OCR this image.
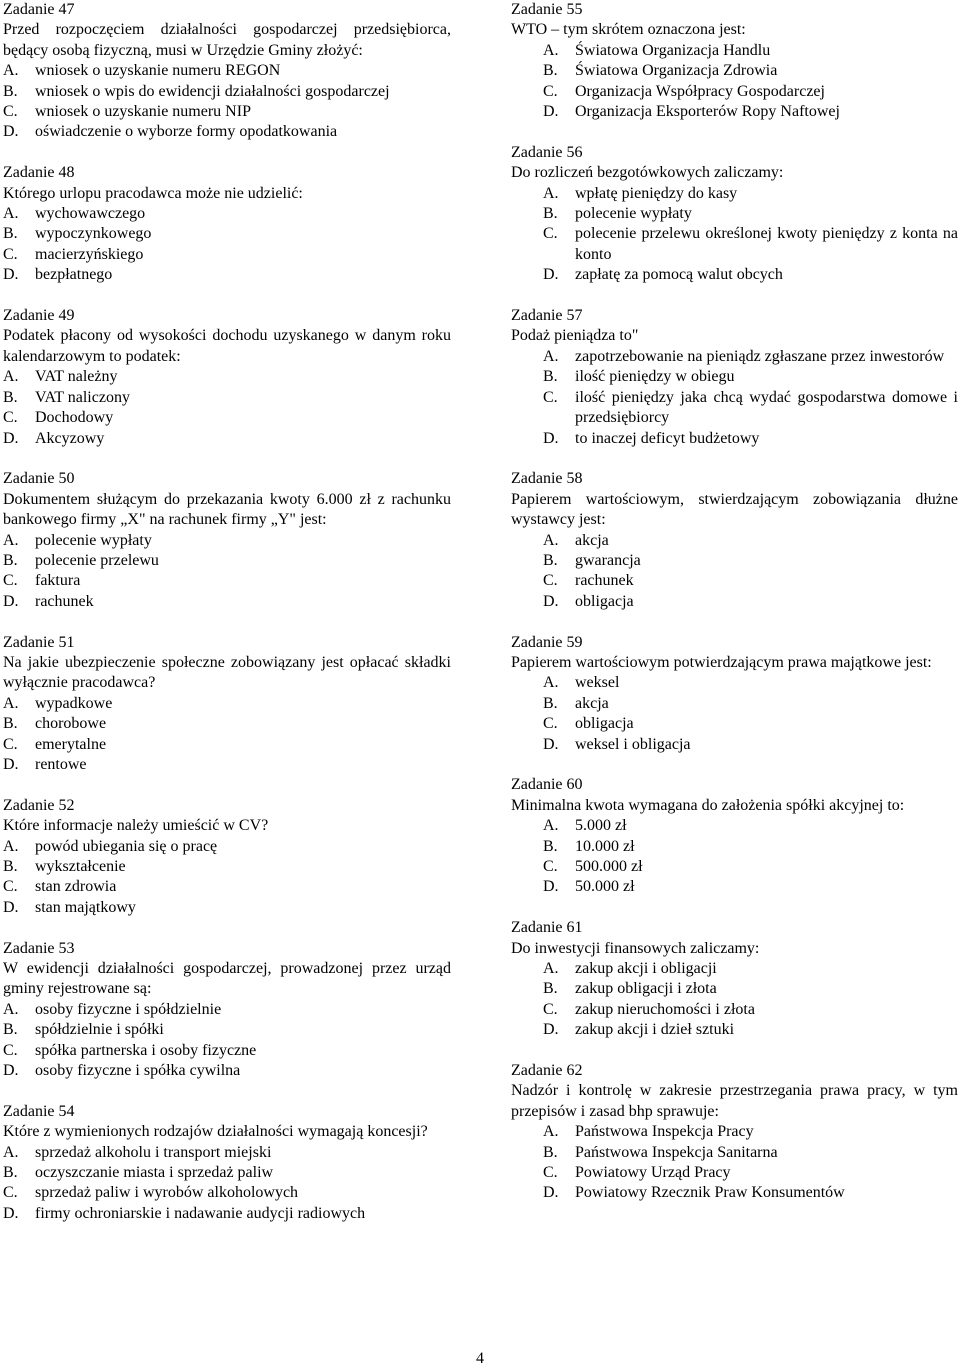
Zadanie 47
Przed rozpoczęciem działalności gospodarczej przedsiębiorca, będący osobą fizyczną, musi w Urzędzie Gminy złożyć:
A.	wniosek o uzyskanie numeru REGON
B.	wniosek o wpis do ewidencji działalności gospodarczej
C.	wniosek o uzyskanie numeru NIP
D.	oświadczenie o wyborze formy opodatkowania
Zadanie 48
Którego urlopu pracodawca może nie udzielić:
A.	wychowawczego
B.	wypoczynkowego
C.	macierzyńskiego
D.	bezpłatnego
Zadanie 49
Podatek płacony od wysokości dochodu uzyskanego w danym roku kalendarzowym to podatek:
A.	VAT należny
B.	VAT naliczony
C.	Dochodowy
D.	Akcyzowy
Zadanie 50
Dokumentem służącym do przekazania kwoty 6.000 zł z rachunku bankowego firmy „X" na rachunek firmy „Y" jest:
A.	polecenie wypłaty
B.	polecenie przelewu
C.	faktura
D.	rachunek
Zadanie 51
Na jakie ubezpieczenie społeczne zobowiązany jest opłacać składki wyłącznie pracodawca?
A.	wypadkowe
B.	chorobowe
C.	emerytalne
D.	rentowe
Zadanie 52
Które informacje należy umieścić w CV?
A.	powód ubiegania się o pracę
B.	wykształcenie
C.	stan zdrowia
D.	stan majątkowy
Zadanie 53
W ewidencji działalności gospodarczej, prowadzonej przez urząd gminy rejestrowane są:
A.	osoby fizyczne i spółdzielnie
B.	spółdzielnie i spółki
C.	spółka partnerska i osoby fizyczne
D.	osoby fizyczne i spółka cywilna
Zadanie 54
Które z wymienionych rodzajów działalności wymagają koncesji?
A.	sprzedaż alkoholu i transport miejski
B.	oczyszczanie miasta i sprzedaż paliw
C.	sprzedaż paliw i wyrobów alkoholowych
D.	firmy ochroniarskie i nadawanie audycji radiowych
Zadanie 55
WTO – tym skrótem oznaczona jest:
A.	Światowa Organizacja Handlu
B.	Światowa Organizacja Zdrowia
C.	Organizacja Współpracy Gospodarczej
D.	Organizacja Eksporterów Ropy Naftowej
Zadanie 56
Do rozliczeń bezgotówkowych zaliczamy:
A.	wpłatę pieniędzy do kasy
B.	polecenie wypłaty
C.	polecenie przelewu określonej kwoty pieniędzy z konta na konto
D.	zapłatę za pomocą walut obcych
Zadanie 57
Podaż pieniądza to"
A.	zapotrzebowanie na pieniądz zgłaszane przez inwestorów
B.	ilość pieniędzy w obiegu
C.	ilość pieniędzy jaka chcą wydać gospodarstwa domowe i przedsiębiorcy
D.	to inaczej deficyt budżetowy
Zadanie 58
Papierem wartościowym, stwierdzającym zobowiązania dłużne wystawcy jest:
A.	akcja
B.	gwarancja
C.	rachunek
D.	obligacja
Zadanie 59
Papierem wartościowym potwierdzającym prawa majątkowe jest:
A.	weksel
B.	akcja
C.	obligacja
D.	weksel i obligacja
Zadanie 60
Minimalna kwota wymagana do założenia spółki akcyjnej to:
A.	5.000 zł
B.	10.000 zł
C.	500.000 zł
D.	50.000 zł
Zadanie 61
Do inwestycji finansowych zaliczamy:
A.	zakup akcji i obligacji
B.	zakup obligacji i złota
C.	zakup nieruchomości i złota
D.	zakup akcji i dzieł sztuki
Zadanie 62
Nadzór i kontrolę w zakresie przestrzegania prawa pracy, w tym przepisów i zasad bhp sprawuje:
A.	Państwowa Inspekcja Pracy
B.	Państwowa Inspekcja Sanitarna
C.	Powiatowy Urząd Pracy
D.	Powiatowy Rzecznik Praw Konsumentów
4
